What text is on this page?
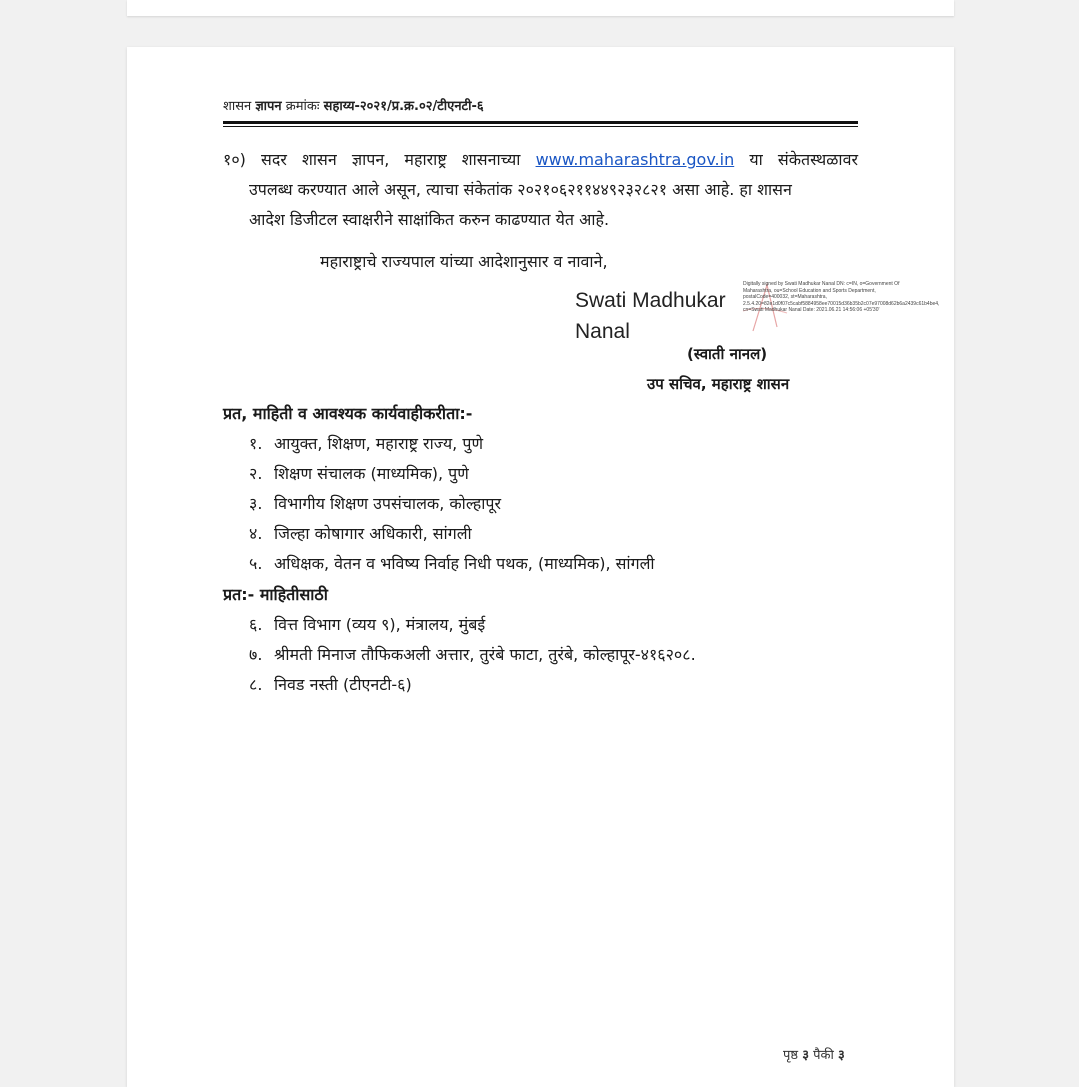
शासन ज्ञापन क्रमांकः सहाय्य-२०२१/प्र.क्र.०२/टीएनटी-६
१०) सदर शासन ज्ञापन, महाराष्ट्र शासनाच्या www.maharashtra.gov.in या संकेतस्थळावर
उपलब्ध करण्यात आले असून, त्याचा संकेतांक २०२१०६२११४४९२३२८२१ असा आहे. हा शासन
आदेश डिजीटल स्वाक्षरीने साक्षांकित करुन काढण्यात येत आहे.
महाराष्ट्राचे राज्यपाल यांच्या आदेशानुसार व नावाने,
Swati Madhukar
Nanal
Digitally signed by Swati Madhukar Nanal DN: c=IN, o=Government Of Maharashtra, ou=School Education and Sports Department, postalCode=400032, st=Maharashtra, 2.5.4.20=82e1d0f07c5cabf5884958ee70015d36b35b2c07e97008d62b6a2439c61b4be4, cn=Swati Madhukar Nanal Date: 2021.06.21 14:56:06 +05'30'
(स्वाती नानल)
उप सचिव, महाराष्ट्र शासन
प्रत, माहिती व आवश्यक कार्यवाहीकरीता:-
१. आयुक्त, शिक्षण, महाराष्ट्र राज्य, पुणे
२. शिक्षण संचालक (माध्यमिक), पुणे
३. विभागीय शिक्षण उपसंचालक, कोल्हापूर
४. जिल्हा कोषागार अधिकारी, सांगली
५. अधिक्षक, वेतन व भविष्य निर्वाह निधी पथक, (माध्यमिक), सांगली
प्रत:- माहितीसाठी
६. वित्त विभाग (व्यय ९), मंत्रालय, मुंबई
७. श्रीमती मिनाज तौफिकअली अत्तार, तुरंबे फाटा, तुरंबे, कोल्हापूर-४१६२०८.
८. निवड नस्ती (टीएनटी-६)
पृष्ठ ३ पैकी ३
